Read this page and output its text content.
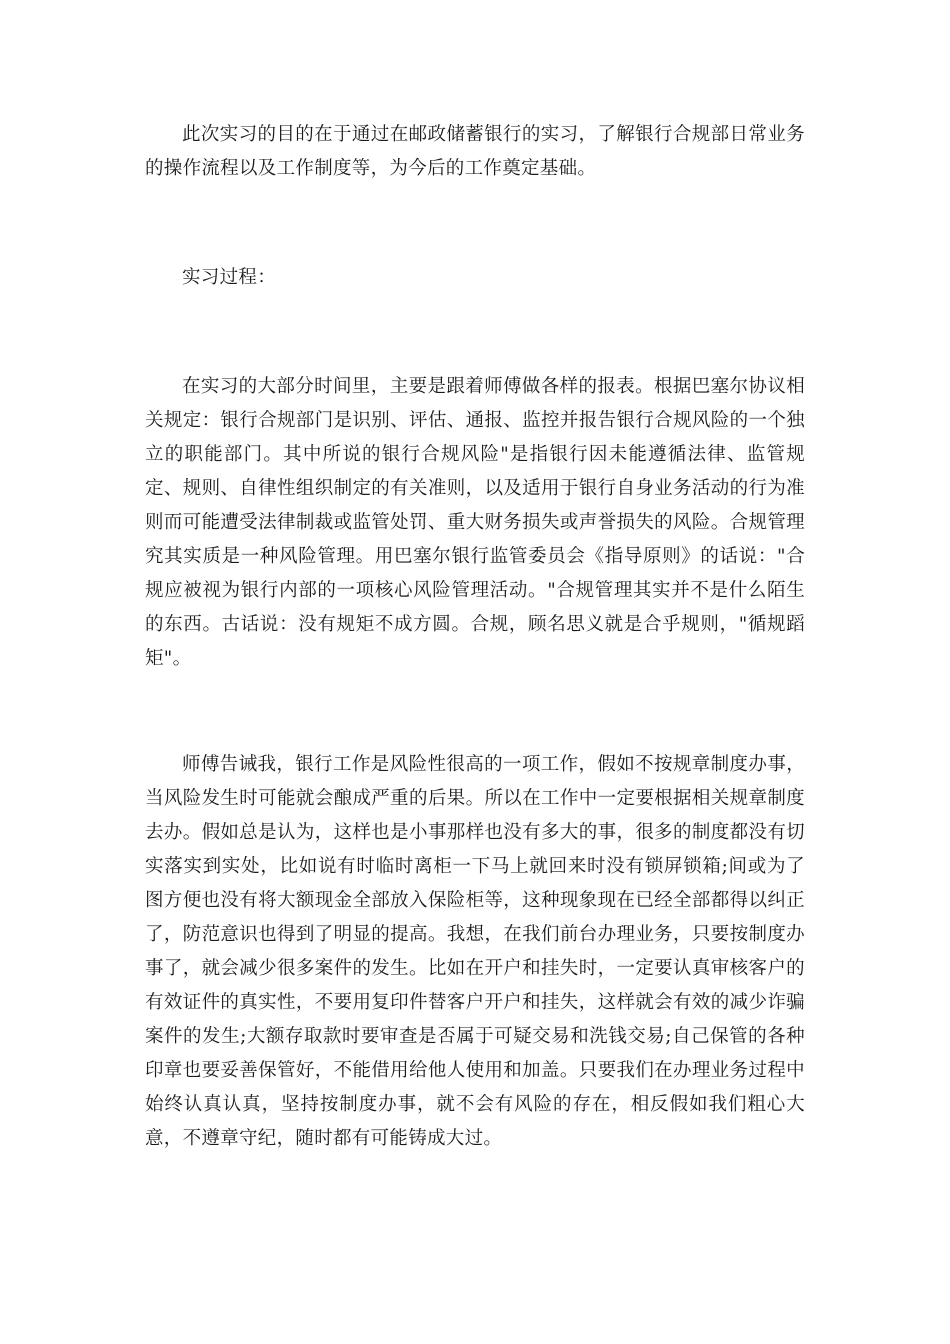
此次实习的目的在于通过在邮政储蓄银行的实习，了解银行合规部日常业务的操作流程以及工作制度等，为今后的工作奠定基础。

实习过程：

在实习的大部分时间里，主要是跟着师傅做各样的报表。根据巴塞尔协议相关规定：银行合规部门是识别、评估、通报、监控并报告银行合规风险的一个独立的职能部门。其中所说的银行合规风险"是指银行因未能遵循法律、监管规定、规则、自律性组织制定的有关准则，以及适用于银行自身业务活动的行为准则而可能遭受法律制裁或监管处罚、重大财务损失或声誉损失的风险。合规管理究其实质是一种风险管理。用巴塞尔银行监管委员会《指导原则》的话说："合规应被视为银行内部的一项核心风险管理活动。"合规管理其实并不是什么陌生的东西。古话说：没有规矩不成方圆。合规，顾名思义就是合乎规则，"循规蹈矩"。

师傅告诫我，银行工作是风险性很高的一项工作，假如不按规章制度办事，当风险发生时可能就会酿成严重的后果。所以在工作中一定要根据相关规章制度去办。假如总是认为，这样也是小事那样也没有多大的事，很多的制度都没有切实落实到实处，比如说有时临时离柜一下马上就回来时没有锁屏锁箱;间或为了图方便也没有将大额现金全部放入保险柜等，这种现象现在已经全部都得以纠正了，防范意识也得到了明显的提高。我想，在我们前台办理业务，只要按制度办事了，就会减少很多案件的发生。比如在开户和挂失时，一定要认真审核客户的有效证件的真实性，不要用复印件替客户开户和挂失，这样就会有效的减少诈骗案件的发生;大额存取款时要审查是否属于可疑交易和洗钱交易;自己保管的各种印章也要妥善保管好，不能借用给他人使用和加盖。只要我们在办理业务过程中始终认真认真，坚持按制度办事，就不会有风险的存在，相反假如我们粗心大意，不遵章守纪，随时都有可能铸成大过。
